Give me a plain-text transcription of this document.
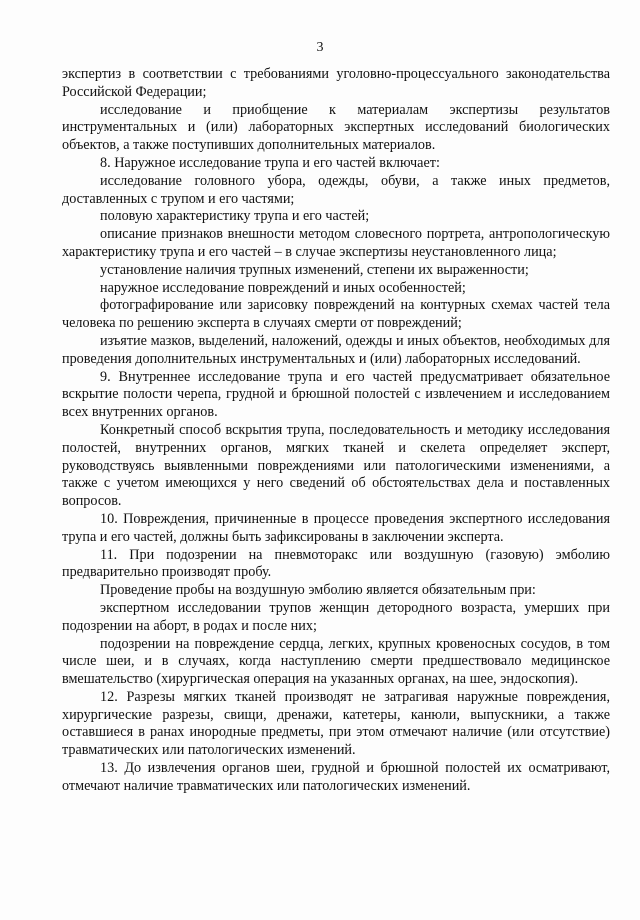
3

экспертиз в соответствии с требованиями уголовно-процессуального законодательства Российской Федерации;

исследование и приобщение к материалам экспертизы результатов инструментальных и (или) лабораторных экспертных исследований биологических объектов, а также поступивших дополнительных материалов.

8. Наружное исследование трупа и его частей включает:

исследование головного убора, одежды, обуви, а также иных предметов, доставленных с трупом и его частями;

половую характеристику трупа и его частей;

описание признаков внешности методом словесного портрета, антропологическую характеристику трупа и его частей – в случае экспертизы неустановленного лица;

установление наличия трупных изменений, степени их выраженности;

наружное исследование повреждений и иных особенностей;

фотографирование или зарисовку повреждений на контурных схемах частей тела человека по решению эксперта в случаях смерти от повреждений;

изъятие мазков, выделений, наложений, одежды и иных объектов, необходимых для проведения дополнительных инструментальных и (или) лабораторных исследований.

9. Внутреннее исследование трупа и его частей предусматривает обязательное вскрытие полости черепа, грудной и брюшной полостей с извлечением и исследованием всех внутренних органов.

Конкретный способ вскрытия трупа, последовательность и методику исследования полостей, внутренних органов, мягких тканей и скелета определяет эксперт, руководствуясь выявленными повреждениями или патологическими изменениями, а также с учетом имеющихся у него сведений об обстоятельствах дела и поставленных вопросов.

10. Повреждения, причиненные в процессе проведения экспертного исследования трупа и его частей, должны быть зафиксированы в заключении эксперта.

11. При подозрении на пневмоторакс или воздушную (газовую) эмболию предварительно производят пробу.

Проведение пробы на воздушную эмболию является обязательным при:

экспертном исследовании трупов женщин детородного возраста, умерших при подозрении на аборт, в родах и после них;

подозрении на повреждение сердца, легких, крупных кровеносных сосудов, в том числе шеи, и в случаях, когда наступлению смерти предшествовало медицинское вмешательство (хирургическая операция на указанных органах, на шее, эндоскопия).

12. Разрезы мягких тканей производят не затрагивая наружные повреждения, хирургические разрезы, свищи, дренажи, катетеры, канюли, выпускники, а также оставшиеся в ранах инородные предметы, при этом отмечают наличие (или отсутствие) травматических или патологических изменений.

13. До извлечения органов шеи, грудной и брюшной полостей их осматривают, отмечают наличие травматических или патологических изменений.
